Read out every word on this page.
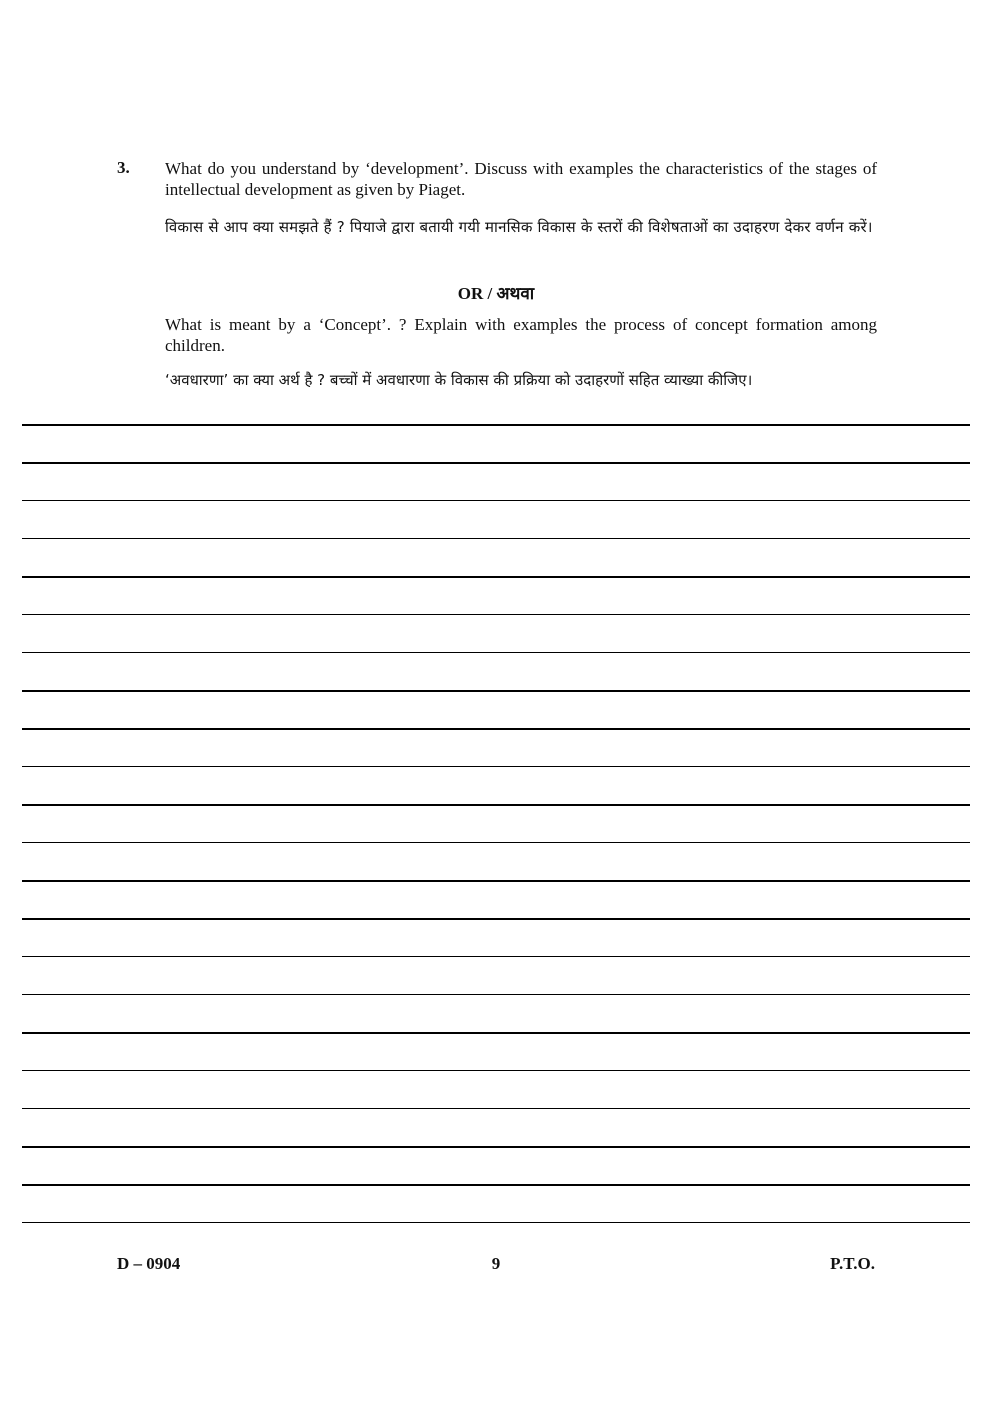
3. What do you understand by ‘development’. Discuss with examples the characteristics of the stages of intellectual development as given by Piaget.
विकास से आप क्या समझते हैं ? पियाजे द्वारा बतायी गयी मानसिक विकास के स्तरों की विशेषताओं का उदाहरण देकर वर्णन करें।
OR / अथवा
What is meant by a ‘Concept’. ? Explain with examples the process of concept formation among children.
‘अवधारणा’ का क्या अर्थ है ? बच्चों में अवधारणा के विकास की प्रक्रिया को उदाहरणों सहित व्याख्या कीजिए।
D – 0904	9	P.T.O.
